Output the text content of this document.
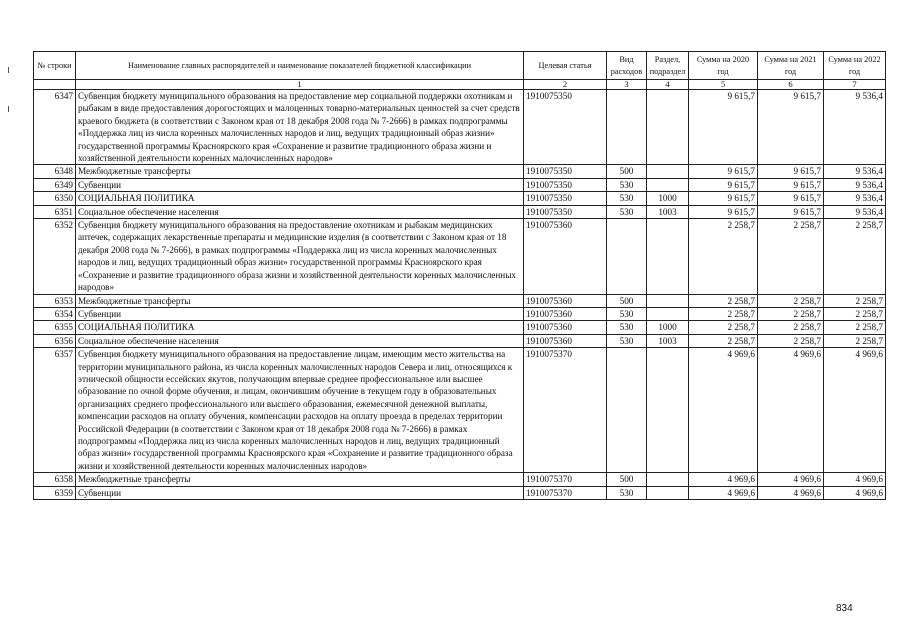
№ строки	Наименование главных распорядителей и наименование показателей бюджетной классификации	Целевая статья	Вид расходов	Раздел, подраздел	Сумма на 2020 год	Сумма на 2021 год	Сумма на 2022 год
	1	2	3	4	5	6	7
6347	Субвенция бюджету муниципального образования на предоставление мер социальной поддержки охотникам и рыбакам в виде предоставления дорогостоящих и малоценных товарно-материальных ценностей за счет средств краевого бюджета (в соответствии с Законом края от 18 декабря 2008 года № 7-2666) в рамках подпрограммы «Поддержка лиц из числа коренных малочисленных народов и лиц, ведущих традиционный образ жизни» государственной программы Красноярского края «Сохранение и развитие традиционного образа жизни и хозяйственной деятельности коренных малочисленных народов»	1910075350			9 615,7	9 615,7	9 536,4
6348	Межбюджетные трансферты	1910075350	500		9 615,7	9 615,7	9 536,4
6349	Субвенции	1910075350	530		9 615,7	9 615,7	9 536,4
6350	СОЦИАЛЬНАЯ ПОЛИТИКА	1910075350	530	1000	9 615,7	9 615,7	9 536,4
6351	Социальное обеспечение населения	1910075350	530	1003	9 615,7	9 615,7	9 536,4
6352	Субвенция бюджету муниципального образования на предоставление охотникам и рыбакам медицинских аптечек, содержащих лекарственные препараты и медицинские изделия (в соответствии с Законом края от 18 декабря 2008 года № 7-2666), в рамках подпрограммы «Поддержка лиц из числа коренных малочисленных народов и лиц, ведущих традиционный образ жизни» государственной программы Красноярского края «Сохранение и развитие традиционного образа жизни и хозяйственной деятельности коренных малочисленных народов»	1910075360			2 258,7	2 258,7	2 258,7
6353	Межбюджетные трансферты	1910075360	500		2 258,7	2 258,7	2 258,7
6354	Субвенции	1910075360	530		2 258,7	2 258,7	2 258,7
6355	СОЦИАЛЬНАЯ ПОЛИТИКА	1910075360	530	1000	2 258,7	2 258,7	2 258,7
6356	Социальное обеспечение населения	1910075360	530	1003	2 258,7	2 258,7	2 258,7
6357	Субвенция бюджету муниципального образования на предоставление лицам, имеющим место жительства на территории муниципального района, из числа коренных малочисленных народов Севера и лиц, относящихся к этнической общности ессейских якутов, получающим впервые среднее профессиональное или высшее образование по очной форме обучения, и лицам, окончившим обучение в текущем году в образовательных организациях среднего профессионального или высшего образования, ежемесячной денежной выплаты, компенсации расходов на оплату обучения, компенсации расходов на оплату проезда в пределах территории Российской Федерации (в соответствии с Законом края от 18 декабря 2008 года № 7-2666) в рамках подпрограммы «Поддержка лиц из числа коренных малочисленных народов и лиц, ведущих традиционный образ жизни» государственной программы Красноярского края «Сохранение и развитие традиционного образа жизни и хозяйственной деятельности коренных малочисленных народов»	1910075370			4 969,6	4 969,6	4 969,6
6358	Межбюджетные трансферты	1910075370	500		4 969,6	4 969,6	4 969,6
6359	Субвенции	1910075370	530		4 969,6	4 969,6	4 969,6
834
